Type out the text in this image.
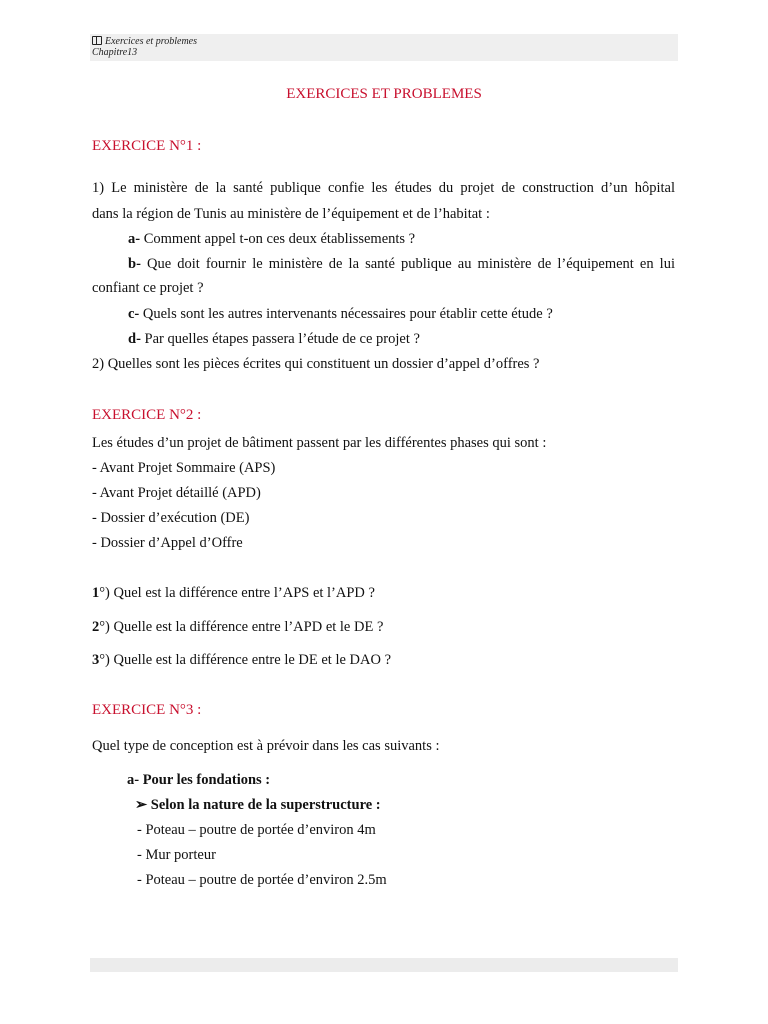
Exercices et problemes
Chapitre13
EXERCICES ET PROBLEMES
EXERCICE N°1 :
1) Le ministère de la santé publique confie les études du projet de construction d’un hôpital
dans la région de Tunis au ministère de l’équipement et de l’habitat :
a- Comment appel t-on ces deux établissements ?
b- Que doit fournir le ministère de la santé publique au ministère de l’équipement en lui
confiant ce projet ?
c- Quels sont les autres intervenants nécessaires pour établir cette étude ?
d- Par quelles étapes passera l’étude de ce projet ?
2) Quelles sont les pièces écrites qui constituent un dossier d’appel d’offres ?
EXERCICE N°2 :
Les études d’un projet de bâtiment passent par les différentes phases qui sont :
- Avant Projet Sommaire (APS)
- Avant Projet détaillé (APD)
- Dossier d’exécution (DE)
- Dossier d’Appel d’Offre
1°) Quel est la différence entre l’APS et l’APD ?
2°) Quelle est la différence entre l’APD et le DE ?
3°) Quelle est la différence entre le DE et le DAO ?
EXERCICE N°3 :
Quel type de conception est à prévoir dans les cas suivants :
a- Pour les fondations :
➢ Selon la nature de la superstructure :
- Poteau – poutre de portée d’environ 4m
- Mur porteur
- Poteau – poutre de portée d’environ 2.5m
